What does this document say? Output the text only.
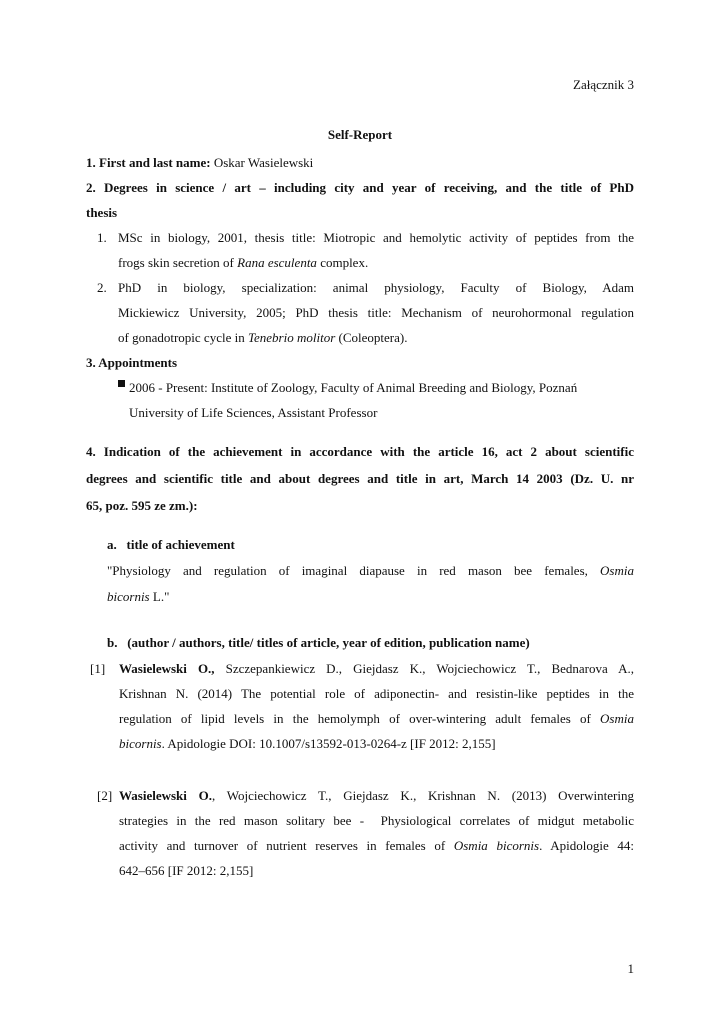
Załącznik 3
Self-Report
1. First and last name: Oskar Wasielewski
2. Degrees in science / art – including city and year of receiving, and the title of PhD
thesis
1. MSc in biology, 2001, thesis title: Miotropic and hemolytic activity of peptides from the
frogs skin secretion of Rana esculenta complex.
2. PhD in biology, specialization: animal physiology, Faculty of Biology, Adam
Mickiewicz University, 2005; PhD thesis title: Mechanism of neurohormonal regulation
of gonadotropic cycle in Tenebrio molitor (Coleoptera).
3. Appointments
2006 - Present: Institute of Zoology, Faculty of Animal Breeding and Biology, Poznań
University of Life Sciences, Assistant Professor
4. Indication of the achievement in accordance with the article 16, act 2 about scientific
degrees and scientific title and about degrees and title in art, March 14 2003 (Dz. U. nr
65, poz. 595 ze zm.):
a.   title of achievement
"Physiology and regulation of imaginal diapause in red mason bee females, Osmia
bicornis L."
b.   (author / authors, title/ titles of article, year of edition, publication name)
[1] Wasielewski O., Szczepankiewicz D., Giejdasz K., Wojciechowicz T., Bednarova A.,
Krishnan N. (2014) The potential role of adiponectin- and resistin-like peptides in the
regulation of lipid levels in the hemolymph of over-wintering adult females of Osmia
bicornis. Apidologie DOI: 10.1007/s13592-013-0264-z [IF 2012: 2,155]
[2] Wasielewski O., Wojciechowicz T., Giejdasz K., Krishnan N. (2013) Overwintering
strategies in the red mason solitary bee -  Physiological correlates of midgut metabolic
activity and turnover of nutrient reserves in females of Osmia bicornis. Apidologie 44:
642–656 [IF 2012: 2,155]
1
